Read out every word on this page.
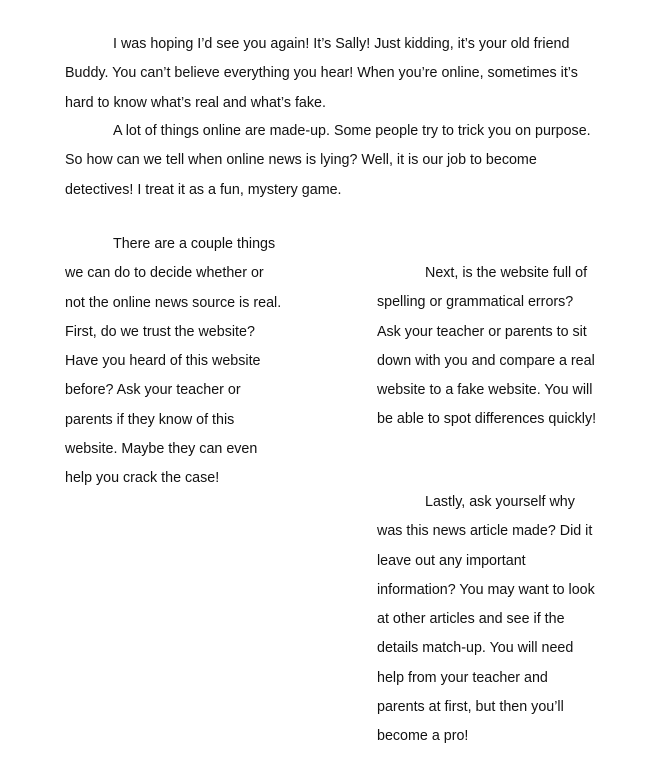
I was hoping I’d see you again! It’s Sally! Just kidding, it’s your old friend Buddy. You can’t believe everything you hear! When you’re online, sometimes it’s hard to know what’s real and what’s fake.

A lot of things online are made-up. Some people try to trick you on purpose. So how can we tell when online news is lying? Well, it is our job to become detectives! I treat it as a fun, mystery game.

There are a couple things we can do to decide whether or not the online news source is real. First, do we trust the website? Have you heard of this website before? Ask your teacher or parents if they know of this website. Maybe they can even help you crack the case!

Next, is the website full of spelling or grammatical errors? Ask your teacher or parents to sit down with you and compare a real website to a fake website. You will be able to spot differences quickly!

Lastly, ask yourself why was this news article made? Did it leave out any important information? You may want to look at other articles and see if the details match-up. You will need help from your teacher and parents at first, but then you’ll become a pro!
